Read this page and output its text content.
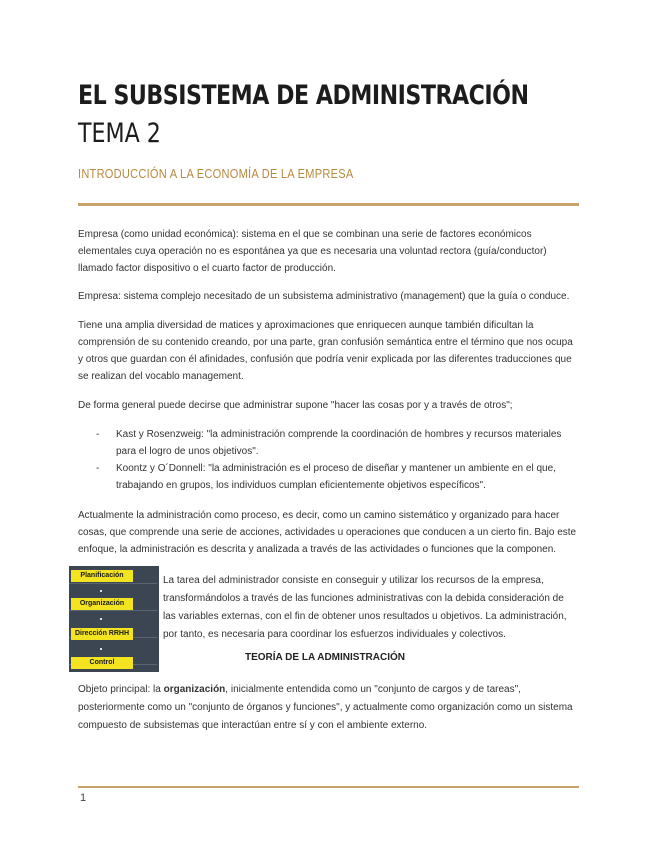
EL SUBSISTEMA DE ADMINISTRACIÓN
TEMA 2
INTRODUCCIÓN A LA ECONOMÍA DE LA EMPRESA

Empresa (como unidad económica): sistema en el que se combinan una serie de factores económicos elementales cuya operación no es espontánea ya que es necesaria una voluntad rectora (guía/conductor) llamado factor dispositivo o el cuarto factor de producción.

Empresa: sistema complejo necesitado de un subsistema administrativo (management) que la guía o conduce.

Tiene una amplia diversidad de matices y aproximaciones que enriquecen aunque también dificultan la comprensión de su contenido creando, por una parte, gran confusión semántica entre el término que nos ocupa y otros que guardan con él afinidades, confusión que podría venir explicada por las diferentes traducciones que se realizan del vocablo management.

De forma general puede decirse que administrar supone "hacer las cosas por y a través de otros";

- Kast y Rosenzweig: "la administración comprende la coordinación de hombres y recursos materiales para el logro de unos objetivos".
- Koontz y O´Donnell: "la administración es el proceso de diseñar y mantener un ambiente en el que, trabajando en grupos, los individuos cumplan eficientemente objetivos específicos".

Actualmente la administración como proceso, es decir, como un camino sistemático y organizado para hacer cosas, que comprende una serie de acciones, actividades u operaciones que conducen a un cierto fin. Bajo este enfoque, la administración es descrita y analizada a través de las actividades o funciones que la componen.

Planificación
Organización
Dirección RRHH
Control
La tarea del administrador consiste en conseguir y utilizar los recursos de la empresa, transformándolos a través de las funciones administrativas con la debida consideración de las variables externas, con el fin de obtener unos resultados u objetivos. La administración, por tanto, es necesaria para coordinar los esfuerzos individuales y colectivos.
TEORÍA DE LA ADMINISTRACIÓN
Objeto principal: la organización, inicialmente entendida como un "conjunto de cargos y de tareas", posteriormente como un "conjunto de órganos y funciones", y actualmente como organización como un sistema compuesto de subsistemas que interactúan entre sí y con el ambiente externo.
1
